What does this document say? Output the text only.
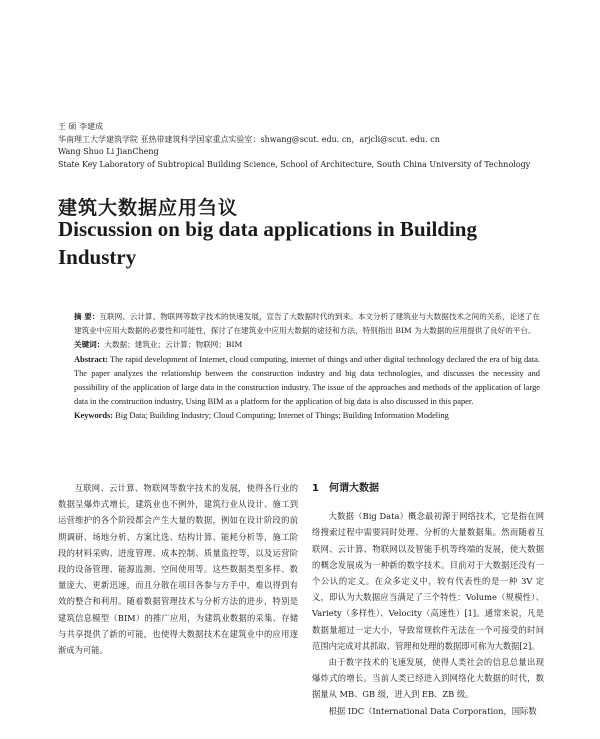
王 硕 李建成
华南理工大学建筑学院 亚热带建筑科学国家重点实验室：shwang@scut. edu. cn，arjcli@scut. edu. cn
Wang Shuo Li JianCheng
State Key Laboratory of Subtropical Building Science, School of Architecture, South China University of Technology
建筑大数据应用刍议
Discussion on big data applications in Building Industry

摘 要：互联网、云计算、物联网等数字技术的快速发展，宣告了大数据时代的到来。本文分析了建筑业与大数据技术之间的关系，论述了在建筑业中应用大数据的必要性和可能性，探讨了在建筑业中应用大数据的途径和方法，特别指出 BIM 为大数据的应用提供了良好的平台。

关键词：大数据；建筑业；云计算；物联网；BIM

Abstract: The rapid development of Internet, cloud computing, internet of things and other digital technology declared the era of big data. The paper analyzes the relationship between the construction industry and big data technologies, and discusses the necessity and possibility of the application of large data in the construction industry. The issue of the approaches and methods of the application of large data in the construction industry, Using BIM as a platform for the application of big data is also discussed in this paper.

Keywords: Big Data; Building Industry; Cloud Computing; Internet of Things; Building Information Modeling

互联网、云计算、物联网等数字技术的发展，使得各行业的数据呈爆炸式增长，建筑业也不例外，建筑行业从设计、施工到运营维护的各个阶段都会产生大量的数据，例如在设计阶段的前期调研、场地分析、方案比选、结构计算、能耗分析等，施工阶段的材料采购、进度管理、成本控制、质量监控等，以及运营阶段的设备管理、能源监测、空间使用等。这些数据类型多样、数量庞大、更新迅速，而且分散在项目各参与方手中，难以得到有效的整合和利用。随着数据管理技术与分析方法的进步，特别是建筑信息模型（BIM）的推广应用，为建筑业数据的采集、存储与共享提供了新的可能，也使得大数据技术在建筑业中的应用逐渐成为可能。

1 何谓大数据

大数据（Big Data）概念最初源于网络技术，它是指在网络搜索过程中需要同时处理、分析的大量数据集。然而随着互联网、云计算、物联网以及智能手机等终端的发展，使大数据的概念发展成为一种新的数字技术。目前对于大数据还没有一个公认的定义。在众多定义中，较有代表性的是一种 3V 定义，即认为大数据应当满足了三个特性：Volume（规模性）、Variety（多样性）、Velocity（高速性）[1]。通常来说，凡是数据量超过一定大小，导致常规软件无法在一个可接受的时间范围内完成对其抓取、管理和处理的数据即可称为大数据[2]。

由于数字技术的飞速发展，使得人类社会的信息总量出现爆炸式的增长。当前人类已经进入到网络化大数据的时代，数据量从 MB、GB 级，进入到 EB、ZB 级。

根据 IDC（International Data Corporation，国际数
